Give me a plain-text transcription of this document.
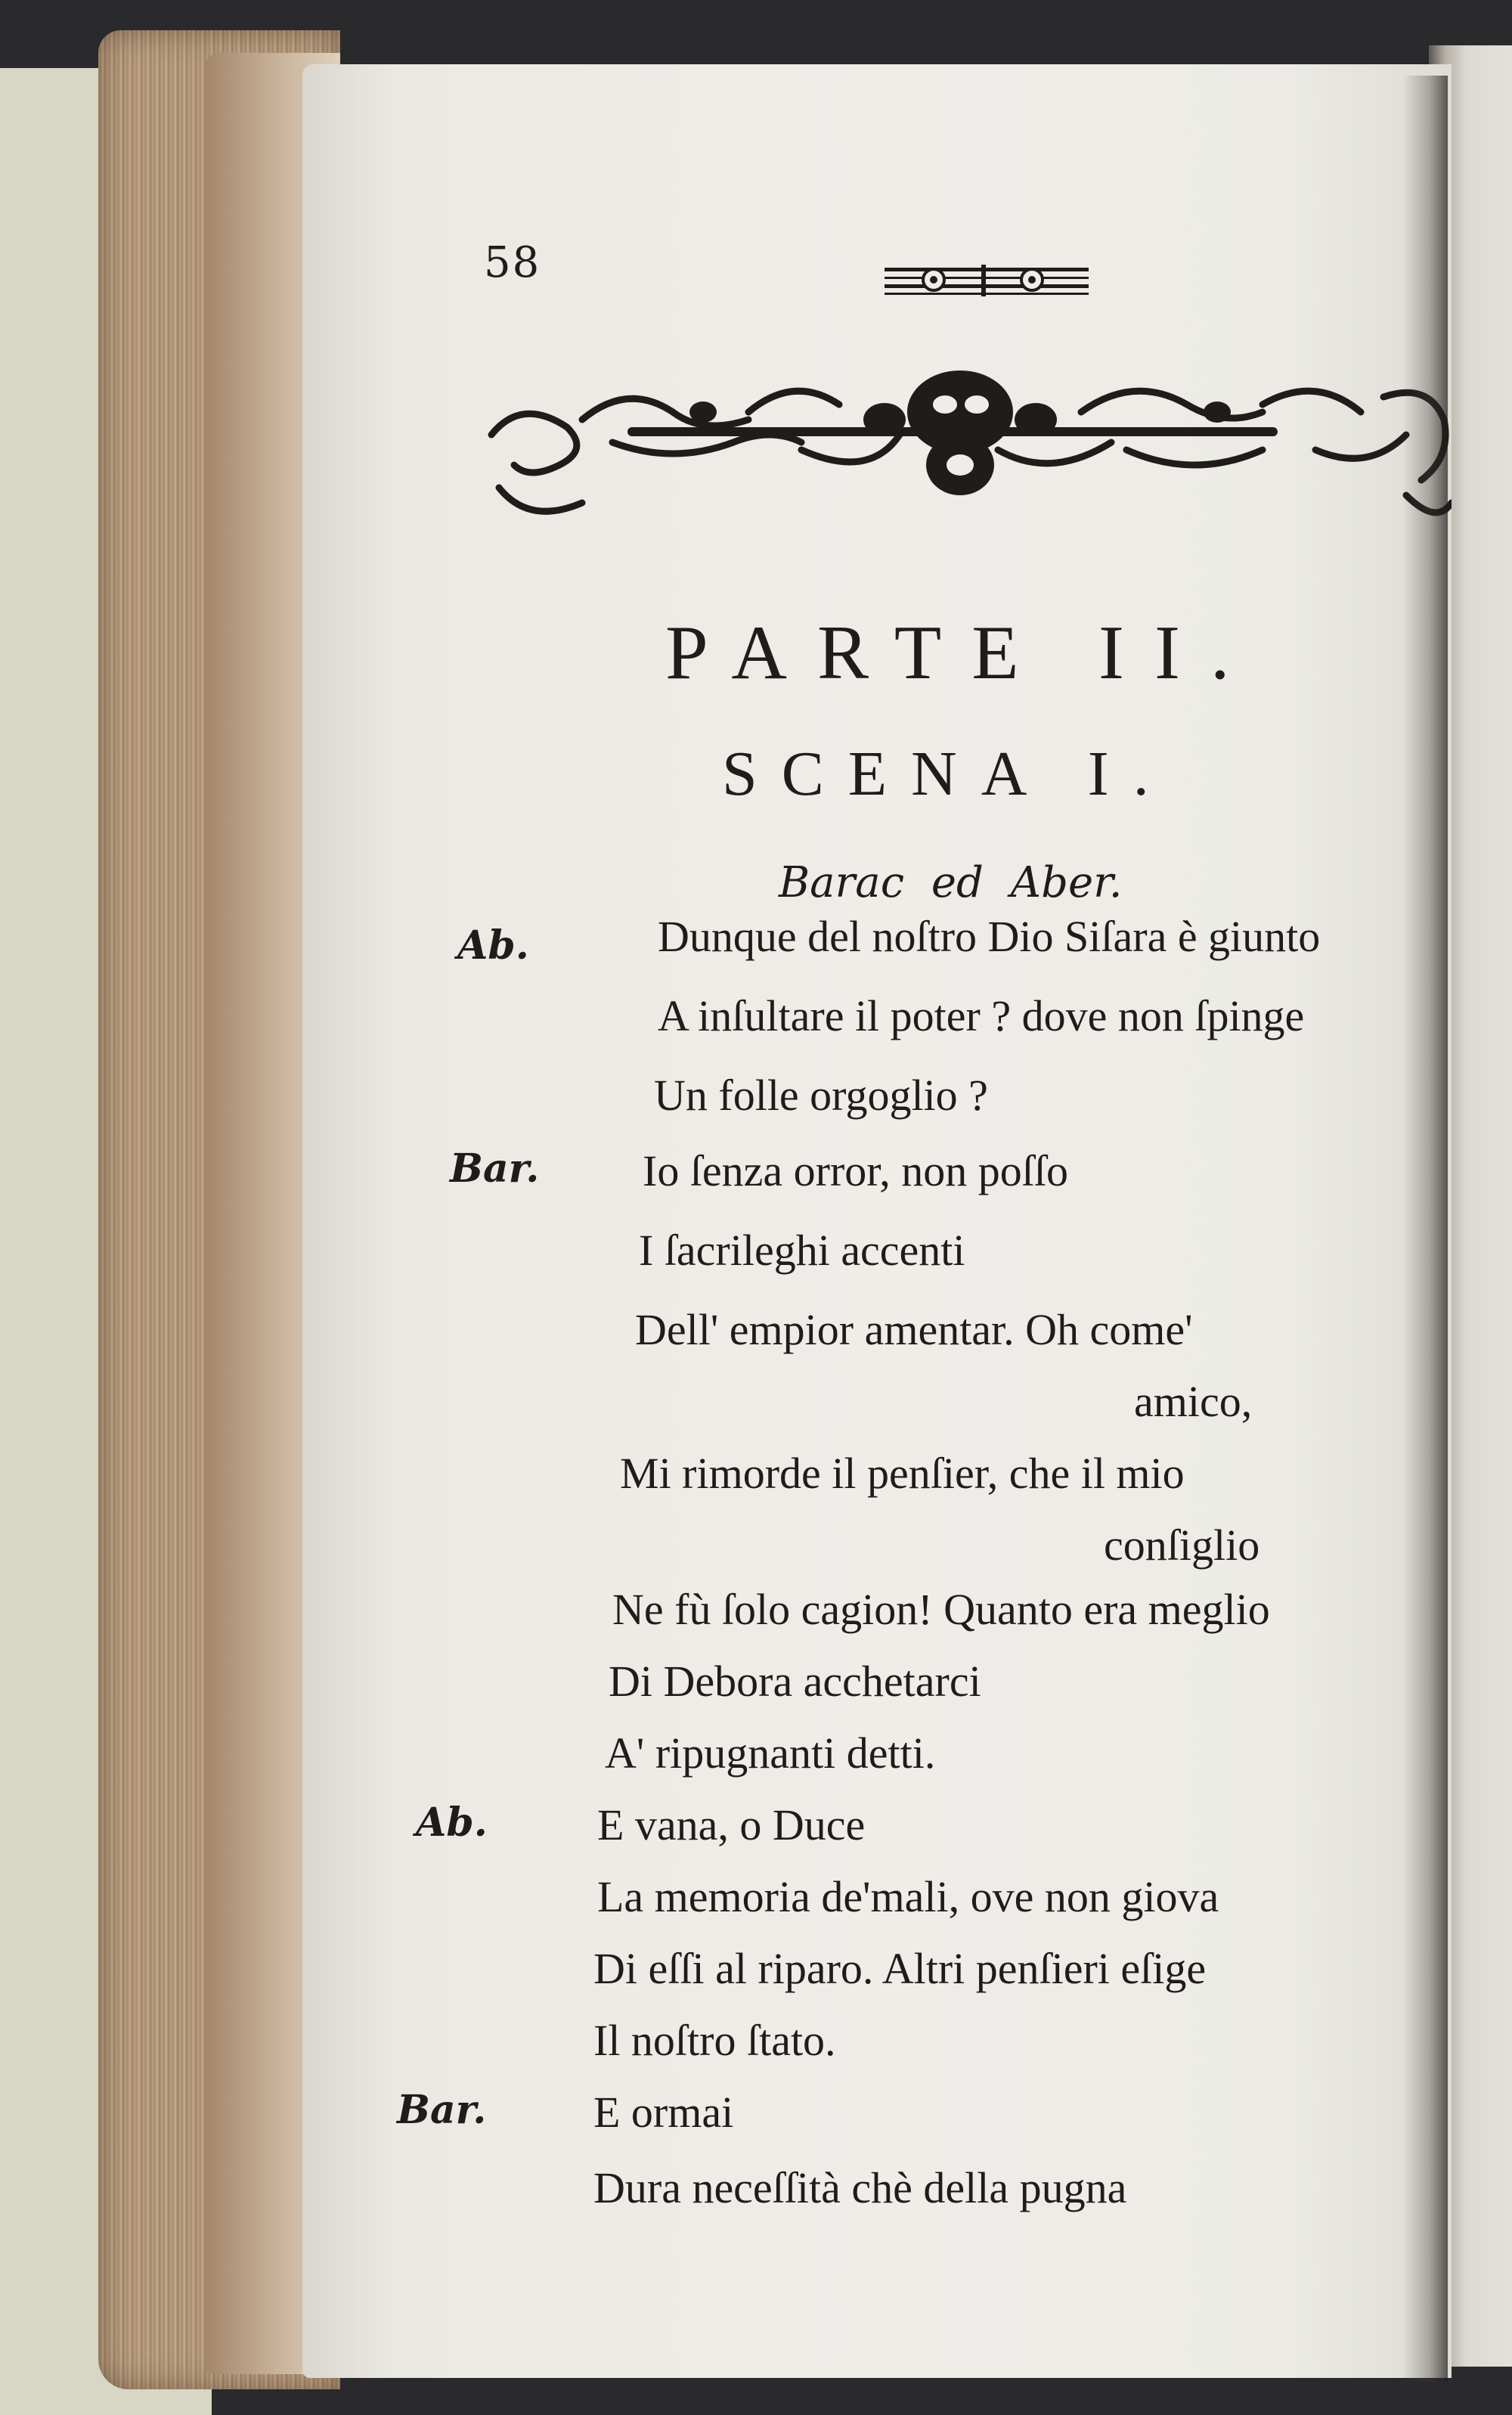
58
PARTE II.
SCENA I.
Barac ed Aber.
Ab.	Dunque del noſtro Dio Siſara è giunto
A inſultare il poter ? dove non ſpinge
Un folle orgoglio ?
Bar. Io ſenza orror, non poſſo
I ſacrileghi accenti
Dell' empior amentar. Oh come'
amico,
Mi rimorde il penſier, che il mio
conſiglio
Ne fù ſolo cagion! Quanto era meglio
Di Debora acchetarci
A' ripugnanti detti.
Ab.	E vana, o Duce
La memoria de'mali, ove non giova
Di eſſi al riparo. Altri penſieri eſige
Il noſtro ſtato.
Bar. E ormai
Dura neceſſità chè della pugna
